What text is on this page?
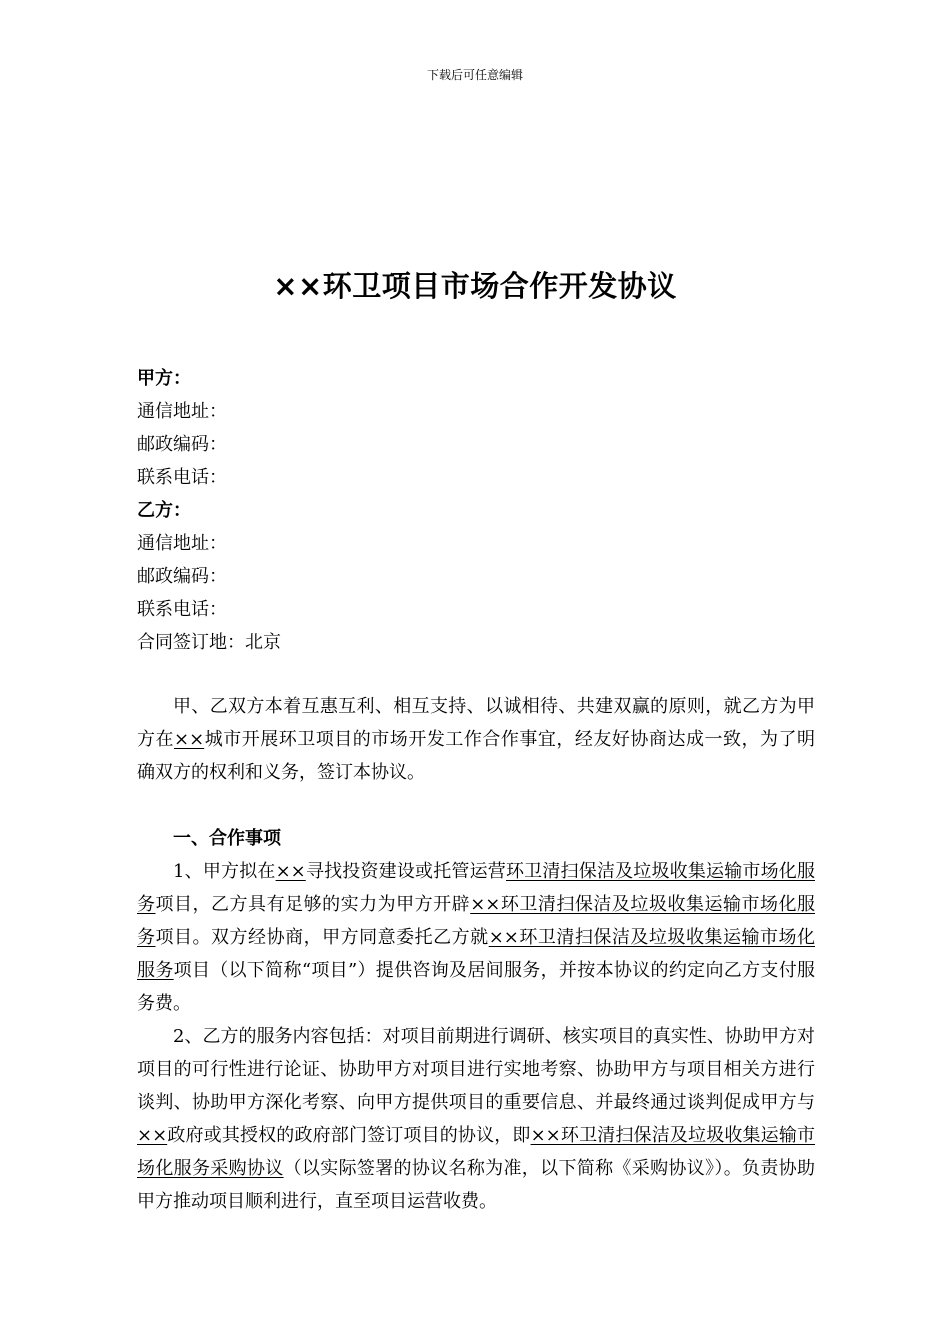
下载后可任意编辑
××环卫项目市场合作开发协议
甲方：
通信地址：
邮政编码：
联系电话：
乙方：
通信地址：
邮政编码：
联系电话：
合同签订地：北京

甲、乙双方本着互惠互利、相互支持、以诚相待、共建双赢的原则，就乙方为甲方在××城市开展环卫项目的市场开发工作合作事宜，经友好协商达成一致，为了明确双方的权利和义务，签订本协议。

一、合作事项

1、甲方拟在××寻找投资建设或托管运营环卫清扫保洁及垃圾收集运输市场化服务项目，乙方具有足够的实力为甲方开辟××环卫清扫保洁及垃圾收集运输市场化服务项目。双方经协商，甲方同意委托乙方就××环卫清扫保洁及垃圾收集运输市场化服务项目（以下简称“项目”）提供咨询及居间服务，并按本协议的约定向乙方支付服务费。

2、乙方的服务内容包括：对项目前期进行调研、核实项目的真实性、协助甲方对项目的可行性进行论证、协助甲方对项目进行实地考察、协助甲方与项目相关方进行谈判、协助甲方深化考察、向甲方提供项目的重要信息、并最终通过谈判促成甲方与××政府或其授权的政府部门签订项目的协议，即××环卫清扫保洁及垃圾收集运输市场化服务采购协议（以实际签署的协议名称为准，以下简称《采购协议》）。负责协助甲方推动项目顺利进行，直至项目运营收费。
